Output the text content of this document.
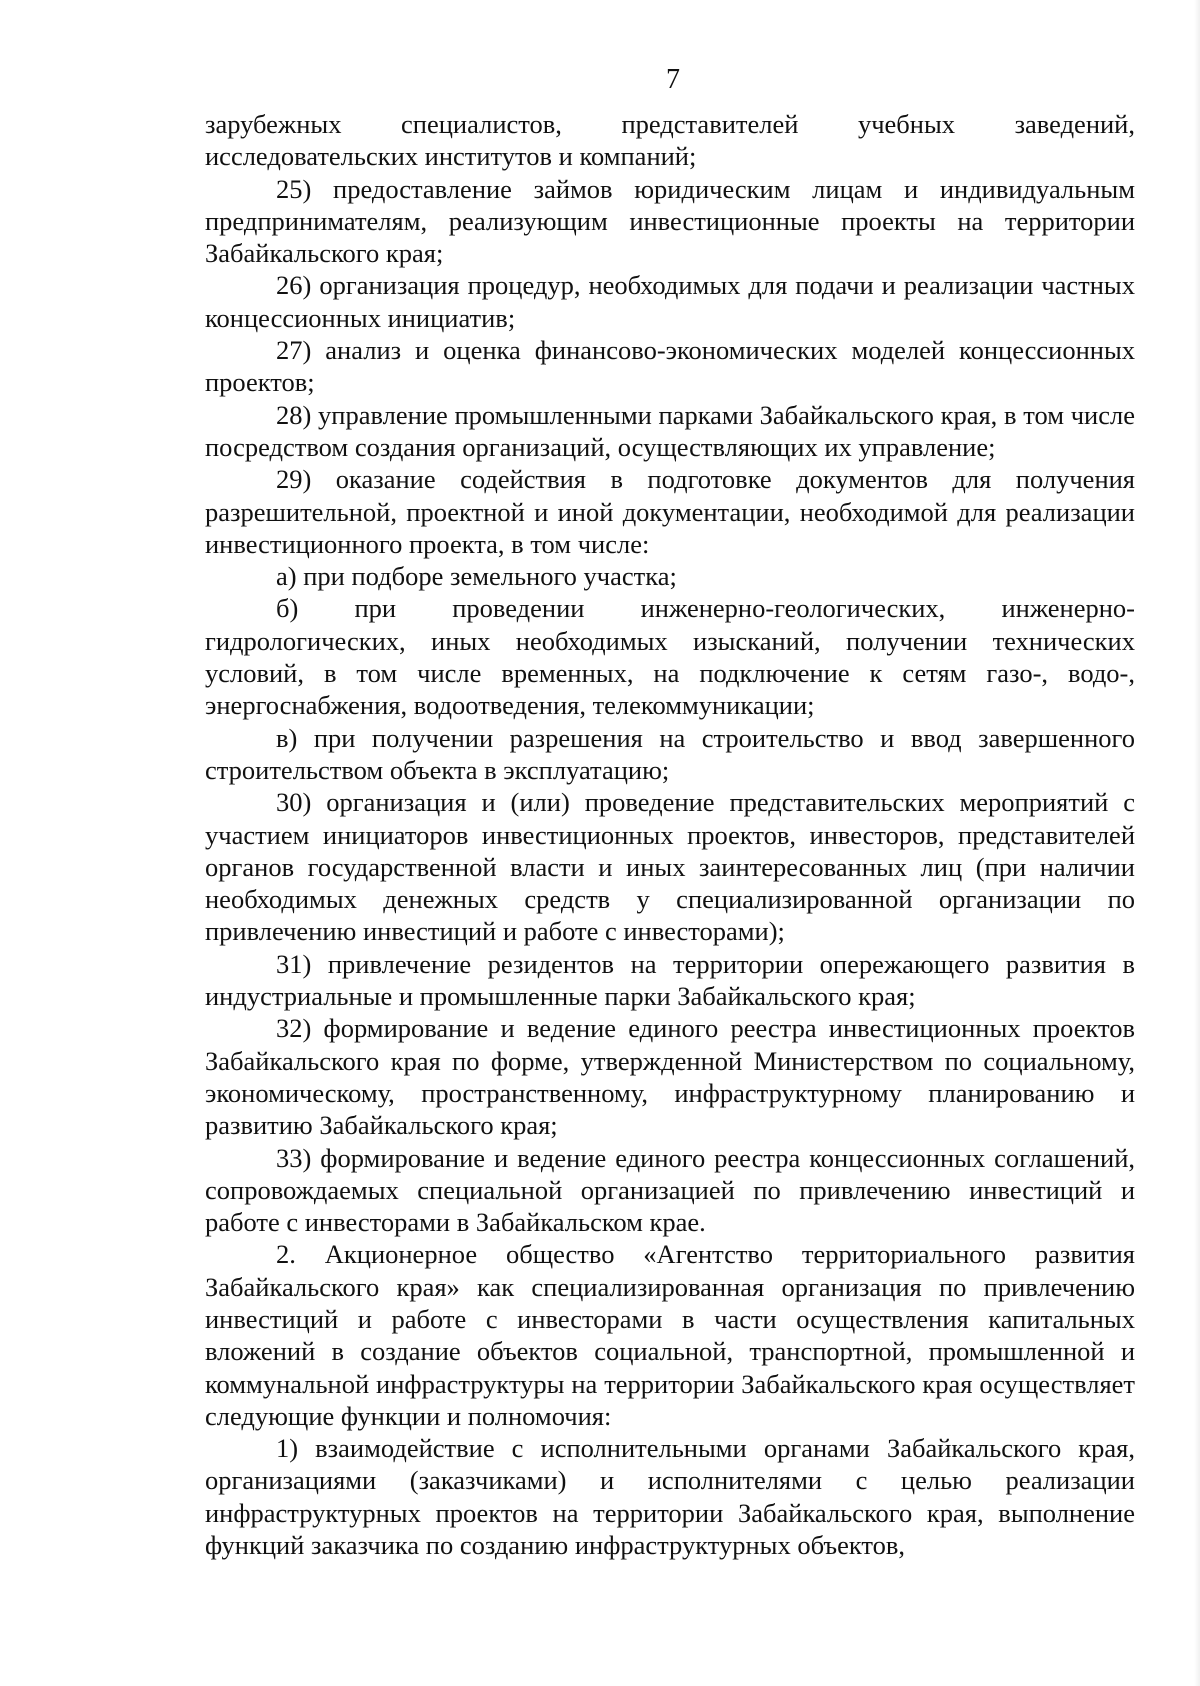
7

зарубежных специалистов, представителей учебных заведений, исследовательских институтов и компаний;

25) предоставление займов юридическим лицам и индивидуальным предпринимателям, реализующим инвестиционные проекты на территории Забайкальского края;

26) организация процедур, необходимых для подачи и реализации частных концессионных инициатив;

27) анализ и оценка финансово-экономических моделей концессионных проектов;

28) управление промышленными парками Забайкальского края, в том числе посредством создания организаций, осуществляющих их управление;

29) оказание содействия в подготовке документов для получения разрешительной, проектной и иной документации, необходимой для реализации инвестиционного проекта, в том числе:

а) при подборе земельного участка;

б) при проведении инженерно-геологических, инженерно-гидрологических, иных необходимых изысканий, получении технических условий, в том числе временных, на подключение к сетям газо-, водо-, энергоснабжения, водоотведения, телекоммуникации;

в) при получении разрешения на строительство и ввод завершенного строительством объекта в эксплуатацию;

30) организация и (или) проведение представительских мероприятий с участием инициаторов инвестиционных проектов, инвесторов, представителей органов государственной власти и иных заинтересованных лиц (при наличии необходимых денежных средств у специализированной организации по привлечению инвестиций и работе с инвесторами);

31) привлечение резидентов на территории опережающего развития в индустриальные и промышленные парки Забайкальского края;

32) формирование и ведение единого реестра инвестиционных проектов Забайкальского края по форме, утвержденной Министерством по социальному, экономическому, пространственному, инфраструктурному планированию и развитию Забайкальского края;

33) формирование и ведение единого реестра концессионных соглашений, сопровождаемых специальной организацией по привлечению инвестиций и работе с инвесторами в Забайкальском крае.

2. Акционерное общество «Агентство территориального развития Забайкальского края» как специализированная организация по привлечению инвестиций и работе с инвесторами в части осуществления капитальных вложений в создание объектов социальной, транспортной, промышленной и коммунальной инфраструктуры на территории Забайкальского края осуществляет следующие функции и полномочия:

1) взаимодействие с исполнительными органами Забайкальского края, организациями (заказчиками) и исполнителями с целью реализации инфраструктурных проектов на территории Забайкальского края, выполнение функций заказчика по созданию инфраструктурных объектов,
